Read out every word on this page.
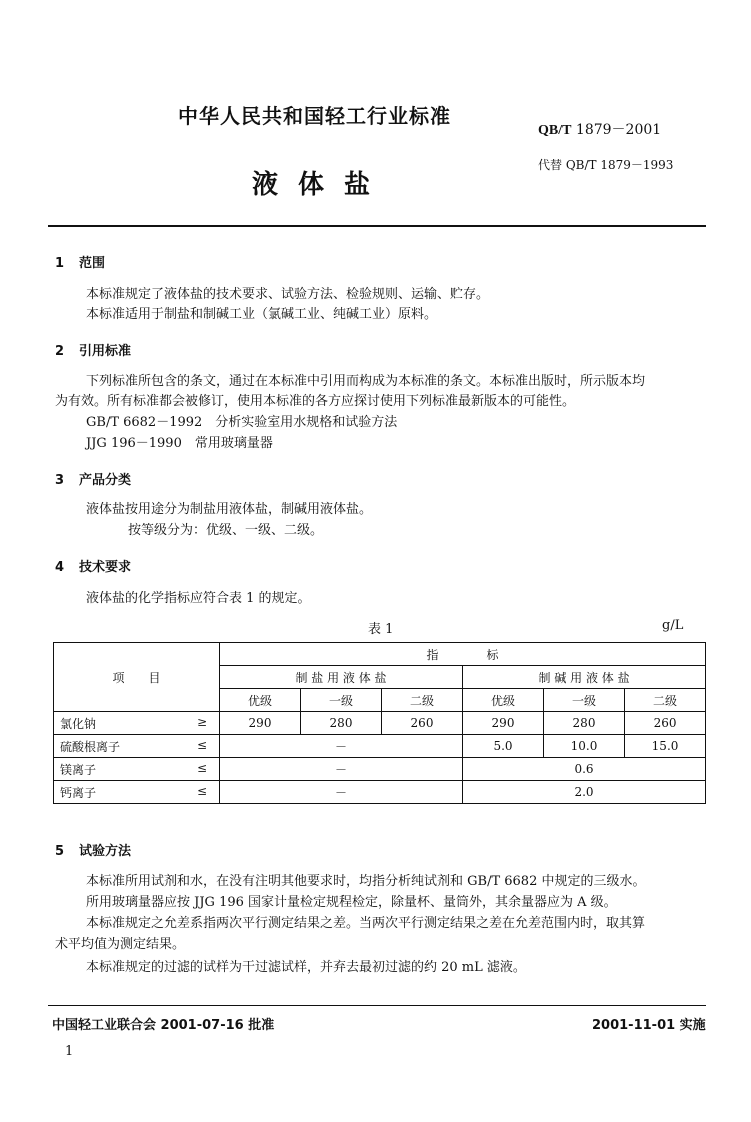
中华人民共和国轻工行业标准
QB/T 1879－2001
代替 QB/T 1879－1993
液体盐
1 范围
本标准规定了液体盐的技术要求、试验方法、检验规则、运输、贮存。
本标准适用于制盐和制碱工业（氯碱工业、纯碱工业）原料。
2 引用标准
下列标准所包含的条文，通过在本标准中引用而构成为本标准的条文。本标准出版时，所示版本均
为有效。所有标准都会被修订，使用本标准的各方应探讨使用下列标准最新版本的可能性。
GB/T 6682－1992　分析实验室用水规格和试验方法
JJG 196－1990　常用玻璃量器
3 产品分类
液体盐按用途分为制盐用液体盐，制碱用液体盐。
按等级分为：优级、一级、二级。
4 技术要求
液体盐的化学指标应符合表 1 的规定。
表 1	g/L
项　　目	指　　　　标					
	制 盐 用 液 体 盐			制 碱 用 液 体 盐		
	优级	一级	二级	优级	一级	二级
氯化钠 ≥	290	280	260	290	280	260
硫酸根离子 ≤	－			5.0	10.0	15.0
镁离子 ≤	－			0.6		
钙离子 ≤	－			2.0		
5 试验方法
本标准所用试剂和水，在没有注明其他要求时，均指分析纯试剂和 GB/T 6682 中规定的三级水。
所用玻璃量器应按 JJG 196 国家计量检定规程检定，除量杯、量筒外，其余量器应为 A 级。
本标准规定之允差系指两次平行测定结果之差。当两次平行测定结果之差在允差范围内时，取其算
术平均值为测定结果。
本标准规定的过滤的试样为干过滤试样，并弃去最初过滤的约 20 mL 滤液。
中国轻工业联合会 2001-07-16 批准	2001-11-01 实施
1
